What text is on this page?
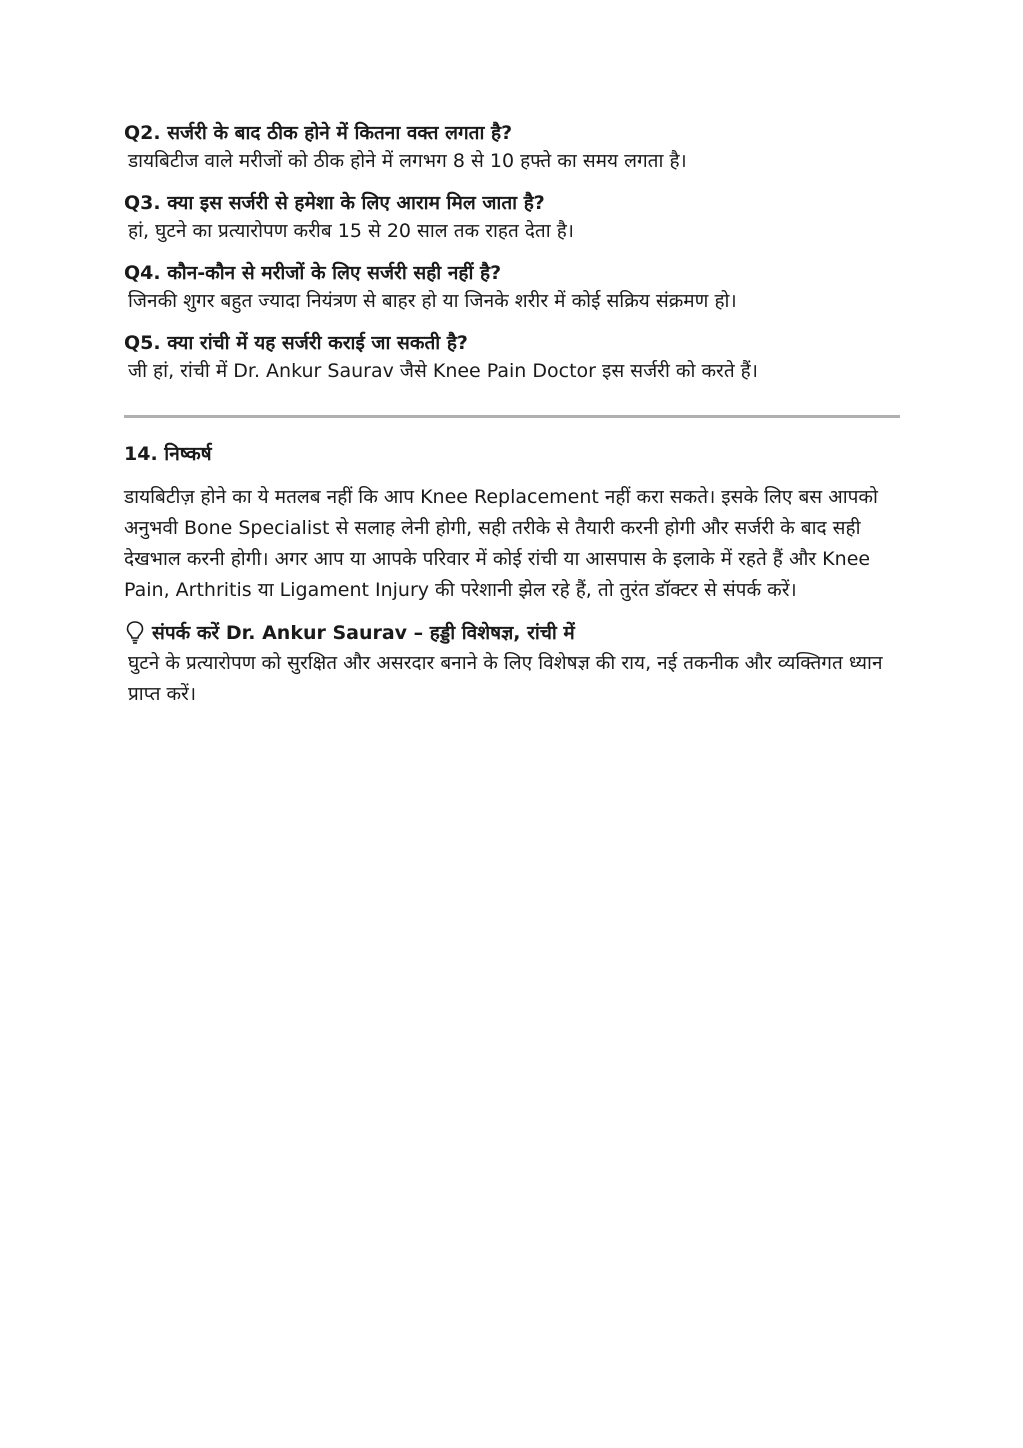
Q2. सर्जरी के बाद ठीक होने में कितना वक्त लगता है?

डायबिटीज वाले मरीजों को ठीक होने में लगभग 8 से 10 हफ्ते का समय लगता है।

Q3. क्या इस सर्जरी से हमेशा के लिए आराम मिल जाता है?

हां, घुटने का प्रत्यारोपण करीब 15 से 20 साल तक राहत देता है।

Q4. कौन-कौन से मरीजों के लिए सर्जरी सही नहीं है?

जिनकी शुगर बहुत ज्यादा नियंत्रण से बाहर हो या जिनके शरीर में कोई सक्रिय संक्रमण हो।

Q5. क्या रांची में यह सर्जरी कराई जा सकती है?

जी हां, रांची में Dr. Ankur Saurav जैसे Knee Pain Doctor इस सर्जरी को करते हैं।

14. निष्कर्ष

डायबिटीज़ होने का ये मतलब नहीं कि आप Knee Replacement नहीं करा सकते। इसके लिए बस आपको अनुभवी Bone Specialist से सलाह लेनी होगी, सही तरीके से तैयारी करनी होगी और सर्जरी के बाद सही देखभाल करनी होगी। अगर आप या आपके परिवार में कोई रांची या आसपास के इलाके में रहते हैं और Knee Pain, Arthritis या Ligament Injury की परेशानी झेल रहे हैं, तो तुरंत डॉक्टर से संपर्क करें।

संपर्क करें Dr. Ankur Saurav – हड्डी विशेषज्ञ, रांची में

घुटने के प्रत्यारोपण को सुरक्षित और असरदार बनाने के लिए विशेषज्ञ की राय, नई तकनीक और व्यक्तिगत ध्यान प्राप्त करें।
